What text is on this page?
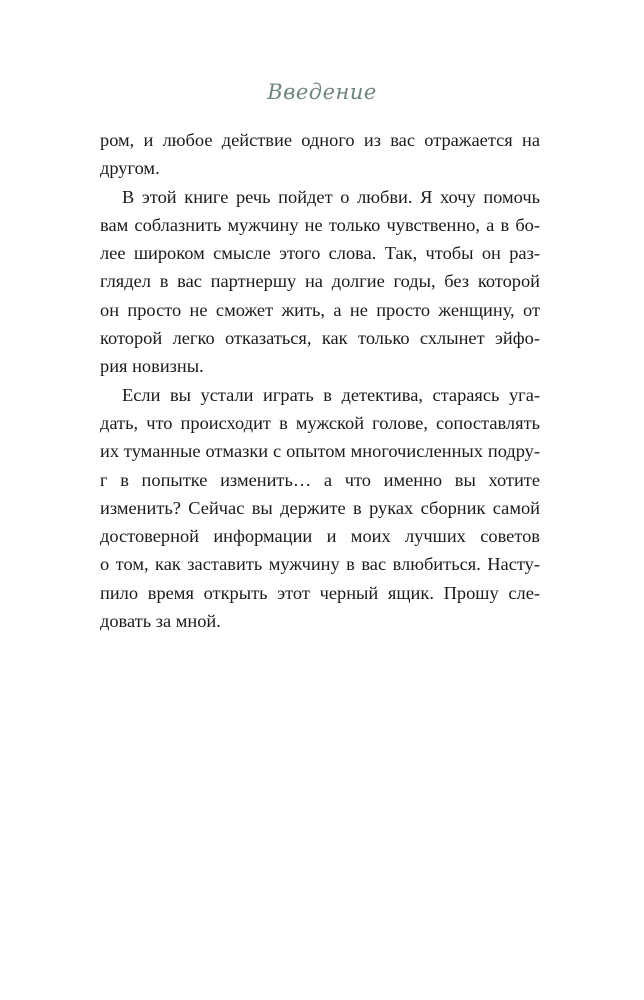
Введение
ром, и любое действие одного из вас отражается на
другом.
В этой книге речь пойдет о любви. Я хочу помочь
вам соблазнить мужчину не только чувственно, а в бо-
лее широком смысле этого слова. Так, чтобы он раз-
глядел в вас партнершу на долгие годы, без которой
он просто не сможет жить, а не просто женщину, от
которой легко отказаться, как только схлынет эйфо-
рия новизны.
Если вы устали играть в детектива, стараясь уга-
дать, что происходит в мужской голове, сопоставлять
их туманные отмазки с опытом многочисленных подру-
г в попытке изменить… а что именно вы хотите
изменить? Сейчас вы держите в руках сборник самой
достоверной информации и моих лучших советов
о том, как заставить мужчину в вас влюбиться. Насту-
пило время открыть этот черный ящик. Прошу сле-
довать за мной.
